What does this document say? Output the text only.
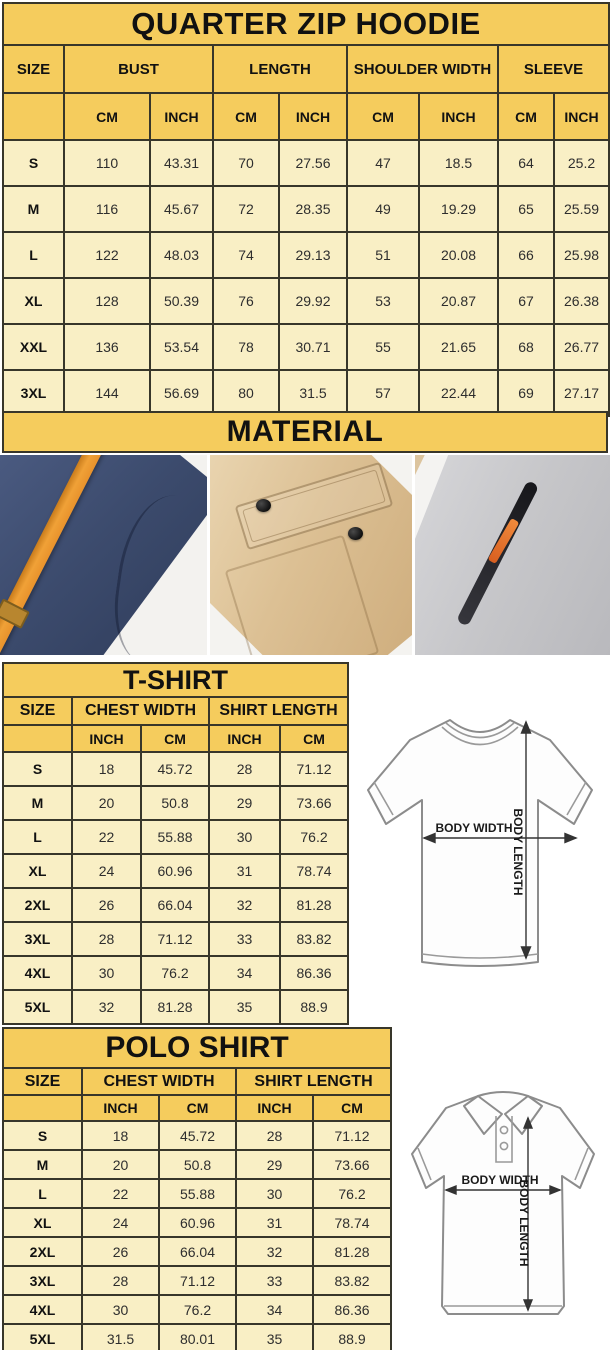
QUARTER ZIP HOODIE								
SIZE	BUST		LENGTH		SHOULDER WIDTH		SLEEVE	
	CM	INCH	CM	INCH	CM	INCH	CM	INCH
S	110	43.31	70	27.56	47	18.5	64	25.2
M	116	45.67	72	28.35	49	19.29	65	25.59
L	122	48.03	74	29.13	51	20.08	66	25.98
XL	128	50.39	76	29.92	53	20.87	67	26.38
XXL	136	53.54	78	30.71	55	21.65	68	26.77
3XL	144	56.69	80	31.5	57	22.44	69	27.17
MATERIAL
T-SHIRT				
SIZE	CHEST WIDTH		SHIRT LENGTH	
	INCH	CM	INCH	CM
S	18	45.72	28	71.12
M	20	50.8	29	73.66
L	22	55.88	30	76.2
XL	24	60.96	31	78.74
2XL	26	66.04	32	81.28
3XL	28	71.12	33	83.82
4XL	30	76.2	34	86.36
5XL	32	81.28	35	88.9
BODY WIDTH
BODY LENGTH
POLO SHIRT				
SIZE	CHEST WIDTH		SHIRT LENGTH	
	INCH	CM	INCH	CM
S	18	45.72	28	71.12
M	20	50.8	29	73.66
L	22	55.88	30	76.2
XL	24	60.96	31	78.74
2XL	26	66.04	32	81.28
3XL	28	71.12	33	83.82
4XL	30	76.2	34	86.36
5XL	31.5	80.01	35	88.9
BODY WIDTH
BODY LENGTH
